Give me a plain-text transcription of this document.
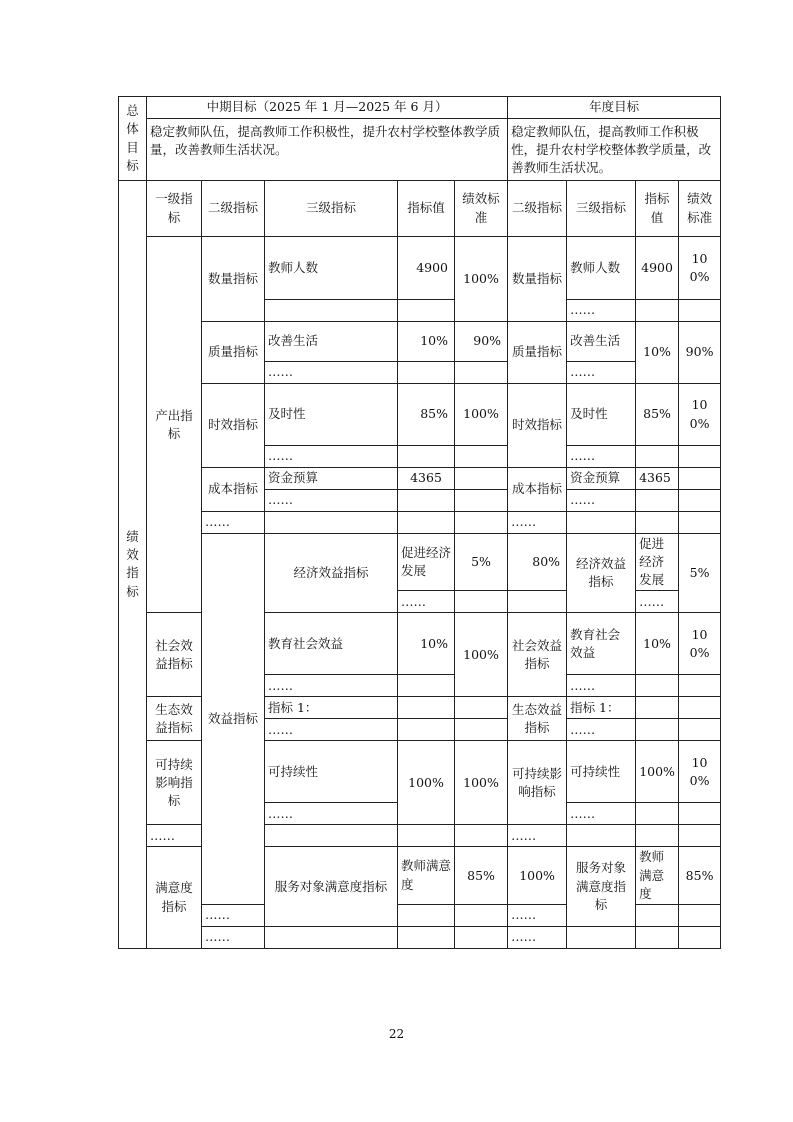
总体目标	中期目标（2025 年 1 月—2025 年 6 月）					年度目标				
	稳定教师队伍，提高教师工作积极性，提升农村学校整体教学质量，改善教师生活状况。					稳定教师队伍，提高教师工作积极性，提升农村学校整体教学质量，改善教师生活状况。				
绩效指标	一级指标	二级指标	三级指标	指标值	绩效标准	二级指标	三级指标	指标值	绩效标准	
	产出指标	数量指标	教师人数	4900	100%	数量指标	教师人数	4900	100%	
							……			
		质量指标	改善生活	10%	90%	质量指标	改善生活	10%	90%	
			……				……			
		时效指标	及时性	85%	100%	时效指标	及时性	85%	100%	
			……				……			
		成本指标	资金预算	4365		成本指标	资金预算	4365		
			……				……			
		……				……				
		效益指标	经济效益指标	促进经济发展	5%	80%	经济效益指标	促进经济发展	5%	
				……				……		
	社会效益指标		教育社会效益	10%	100%	社会效益指标	教育社会效益	10%	100%	
			……				……			
	生态效益指标		指标 1：			生态效益指标	指标 1：			
			……				……			
	可持续影响指标		可持续性	100%	100%	可持续影响指标	可持续性	100%	100%	
			……				……			
	……					……				
	满意度指标		服务对象满意度指标	教师满意度	85%	100%	服务对象满意度指标	教师满意度	85%	
		……				……				
		……				……				
22
